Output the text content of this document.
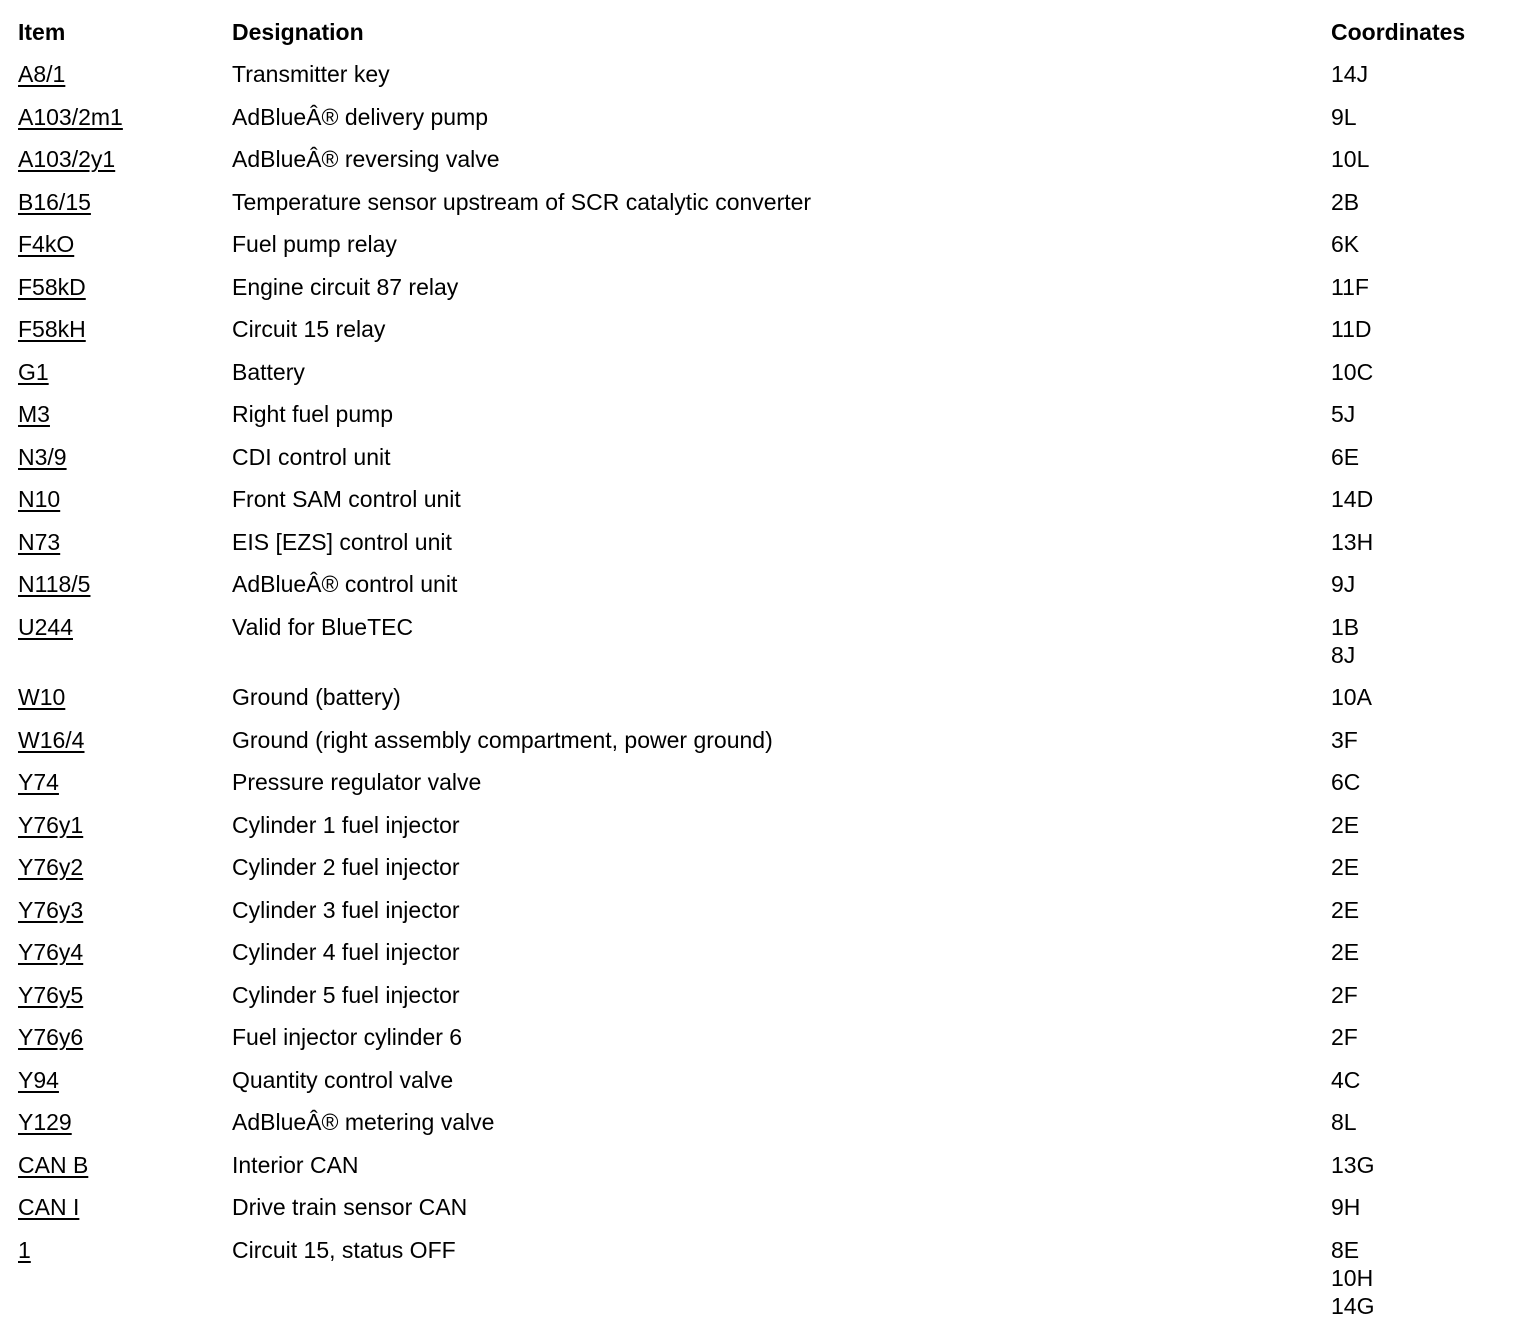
Item	Designation	Coordinates
A8/1	Transmitter key	14J

A103/2m1	AdBlueÂ® delivery pump	9L

A103/2y1	AdBlueÂ® reversing valve	10L

B16/15	Temperature sensor upstream of SCR catalytic converter	2B

F4kO	Fuel pump relay	6K

F58kD	Engine circuit 87 relay	11F

F58kH	Circuit 15 relay	11D

G1	Battery	10C

M3	Right fuel pump	5J

N3/9	CDI control unit	6E

N10	Front SAM control unit	14D

N73	EIS [EZS] control unit	13H

N118/5	AdBlueÂ® control unit	9J

U244	Valid for BlueTEC	1B
8J

W10	Ground (battery)	10A

W16/4	Ground (right assembly compartment, power ground)	3F

Y74	Pressure regulator valve	6C

Y76y1	Cylinder 1 fuel injector	2E

Y76y2	Cylinder 2 fuel injector	2E

Y76y3	Cylinder 3 fuel injector	2E

Y76y4	Cylinder 4 fuel injector	2E

Y76y5	Cylinder 5 fuel injector	2F

Y76y6	Fuel injector cylinder 6	2F

Y94	Quantity control valve	4C

Y129	AdBlueÂ® metering valve	8L

CAN B	Interior CAN	13G

CAN I	Drive train sensor CAN	9H

1	Circuit 15, status OFF	8E
10H
14G
